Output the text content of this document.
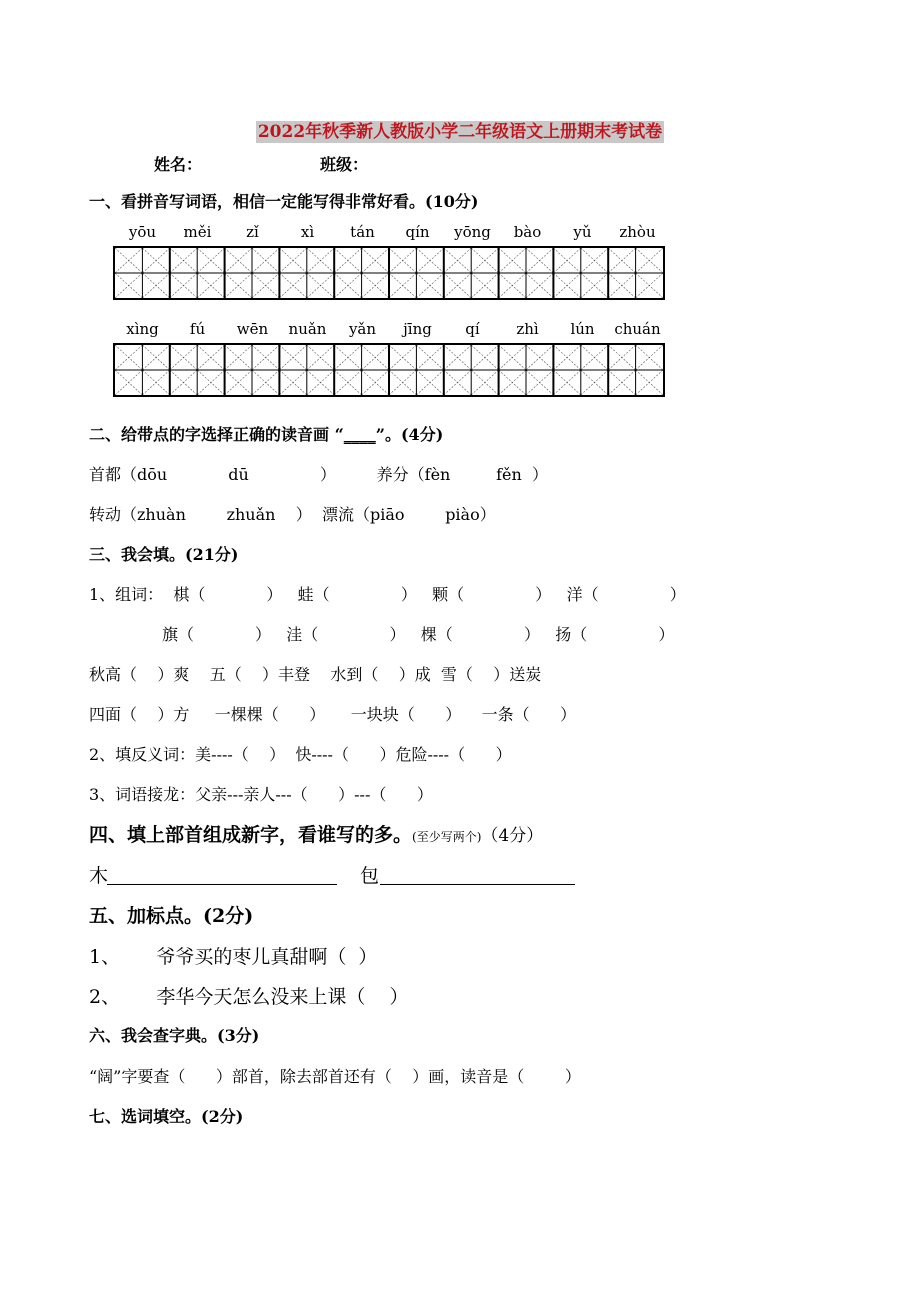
2022年秋季新人教版小学二年级语文上册期末考试卷
姓名：	班级：
一、看拼音写词语，相信一定能写得非常好看。(10分)
yōu	měi	zǐ	xì	tán	qín	yōng	bào	yǔ	zhòu
xìng	fú	wēn	nuǎn	yǎn	jīng	qí	zhì	lún	chuán
二、给带点的字选择正确的读音画 “____”。(4分)
首都（dōu            dū              ）        养分（fèn         fěn  ）
转动（zhuàn        zhuǎn    ）  漂流（piāo        piào）
三、我会填。(21分)
1、组词：  棋（            ）   蛙（              ）   颗（              ）   洋（              ）
旗（            ）   洼（              ）   棵（              ）   扬（              ）
秋高（    ）爽    五（    ）丰登    水到（    ）成  雪（    ）送炭
四面（    ）方     一棵棵（      ）     一块块（      ）    一条（      ）
2、填反义词：美----（    ）  快----（      ）危险----（      ）
3、词语接龙：父亲---亲人---（      ）---（      ）
四、填上部首组成新字，看谁写的多。(至少写两个)（4分）
木	包
五、加标点。(2分)
1、      爷爷买的枣儿真甜啊（  ）
2、      李华今天怎么没来上课（    ）
六、我会查字典。(3分)
“阔”字要查（      ）部首，除去部首还有（    ）画，读音是（        ）
七、选词填空。(2分)
